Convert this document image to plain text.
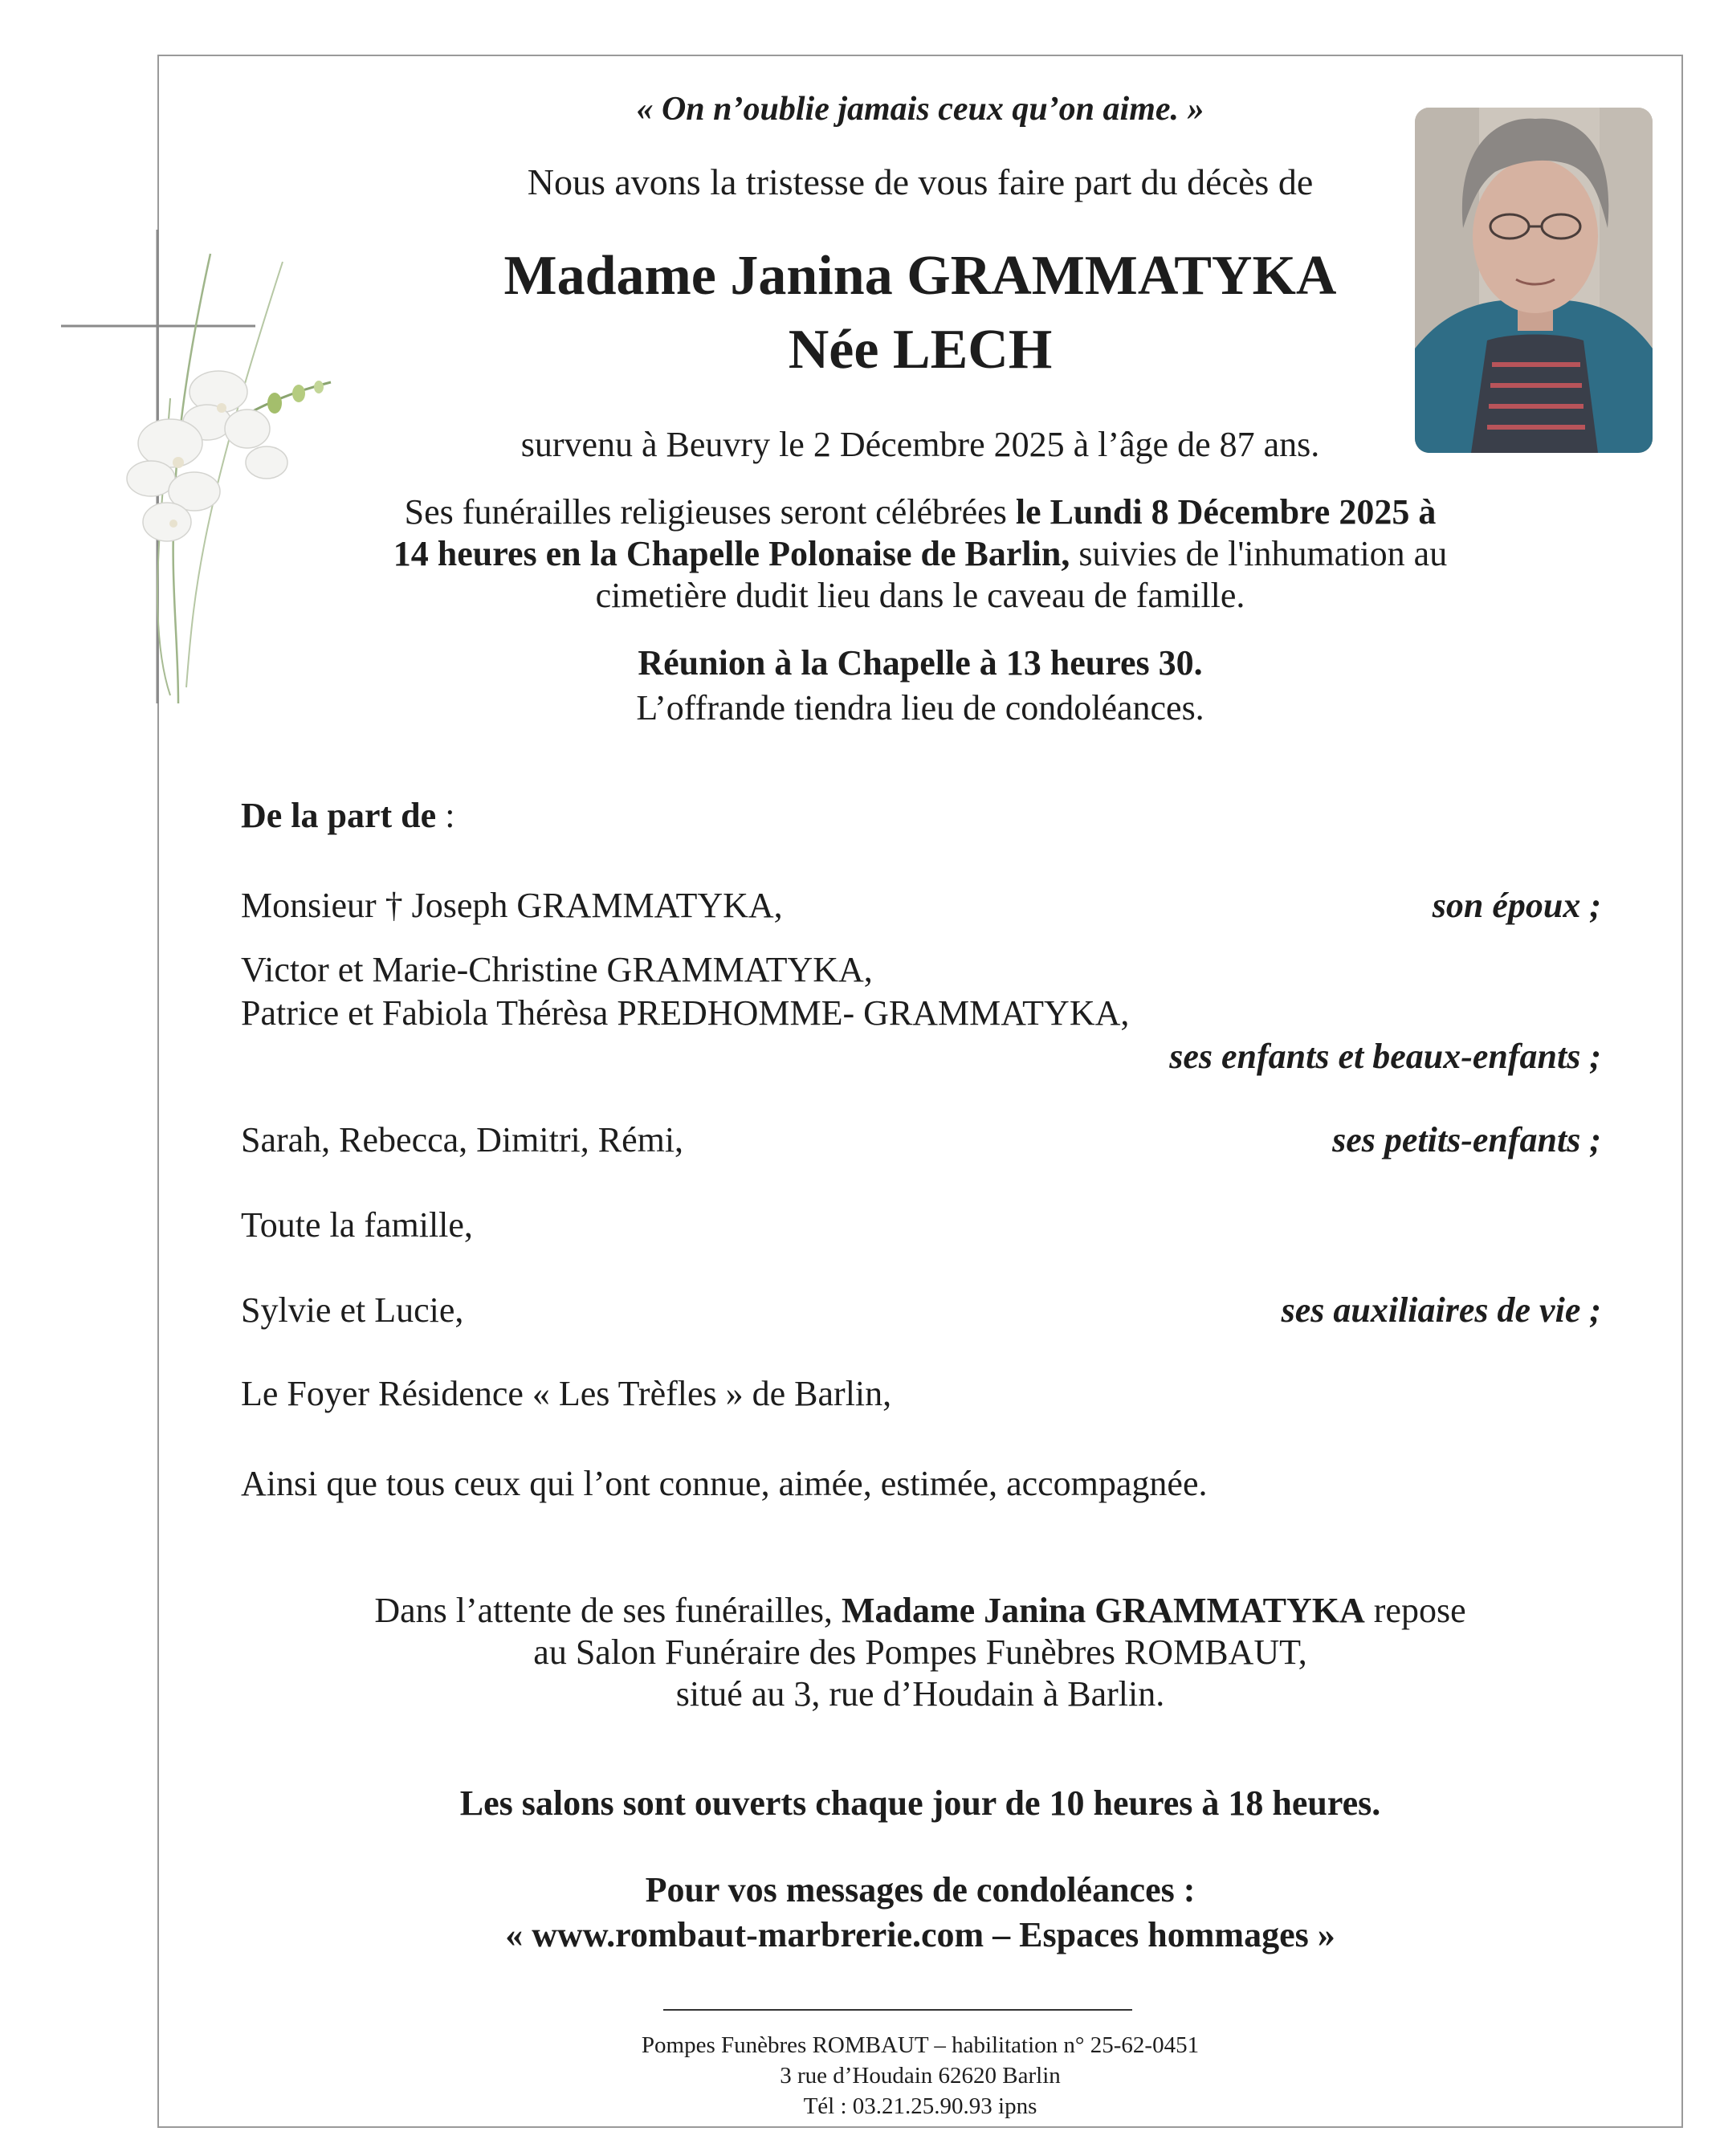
« On n’oublie jamais ceux qu’on aime. »
Nous avons la tristesse de vous faire part du décès de
Madame Janina GRAMMATYKA
Née LECH
survenu à Beuvry le 2 Décembre 2025 à l’âge de 87 ans.
Ses funérailles religieuses seront célébrées le Lundi 8 Décembre 2025 à
14 heures en la Chapelle Polonaise de Barlin, suivies de l'inhumation au
cimetière dudit lieu dans le caveau de famille.
Réunion à la Chapelle à 13 heures 30.
L’offrande tiendra lieu de condoléances.
De la part de :
Monsieur † Joseph GRAMMATYKA,	son époux ;
Victor et Marie-Christine GRAMMATYKA,
Patrice et Fabiola Thérèsa PREDHOMME- GRAMMATYKA,
ses enfants et beaux-enfants ;
Sarah, Rebecca, Dimitri, Rémi,	ses petits-enfants ;
Toute la famille,
Sylvie et Lucie,	ses auxiliaires de vie ;
Le Foyer Résidence « Les Trèfles » de Barlin,
Ainsi que tous ceux qui l’ont connue, aimée, estimée, accompagnée.
Dans l’attente de ses funérailles, Madame Janina GRAMMATYKA repose
au Salon Funéraire des Pompes Funèbres ROMBAUT,
situé au 3, rue d’Houdain à Barlin.
Les salons sont ouverts chaque jour de 10 heures à 18 heures.
Pour vos messages de condoléances :
« www.rombaut-marbrerie.com – Espaces hommages »
Pompes Funèbres ROMBAUT – habilitation n° 25-62-0451
3 rue d’Houdain 62620 Barlin
Tél : 03.21.25.90.93 ipns
